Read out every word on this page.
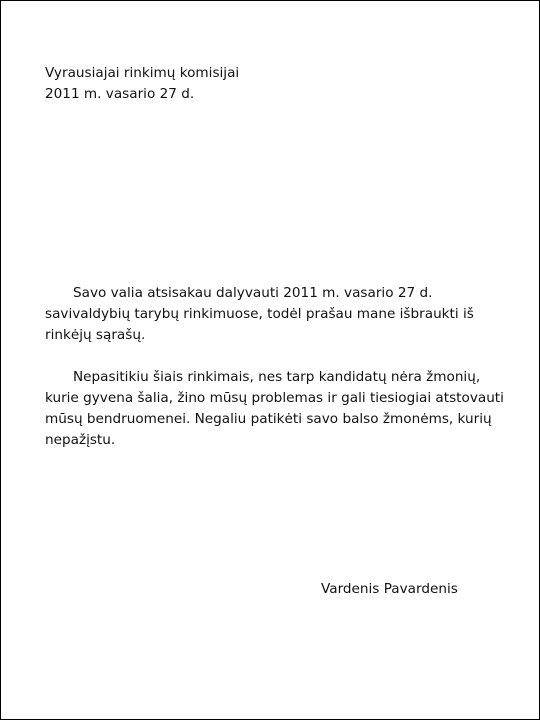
Vyrausiajai rinkimų komisijai
2011 m. vasario 27 d.

Savo valia atsisakau dalyvauti 2011 m. vasario 27 d. savivaldybių tarybų rinkimuose, todėl prašau mane išbraukti iš rinkėjų sąrašų.

Nepasitikiu šiais rinkimais, nes tarp kandidatų nėra žmonių, kurie gyvena šalia, žino mūsų problemas ir gali tiesiogiai atstovauti mūsų bendruomenei. Negaliu patikėti savo balso žmonėms, kurių nepažįstu.

Vardenis Pavardenis
